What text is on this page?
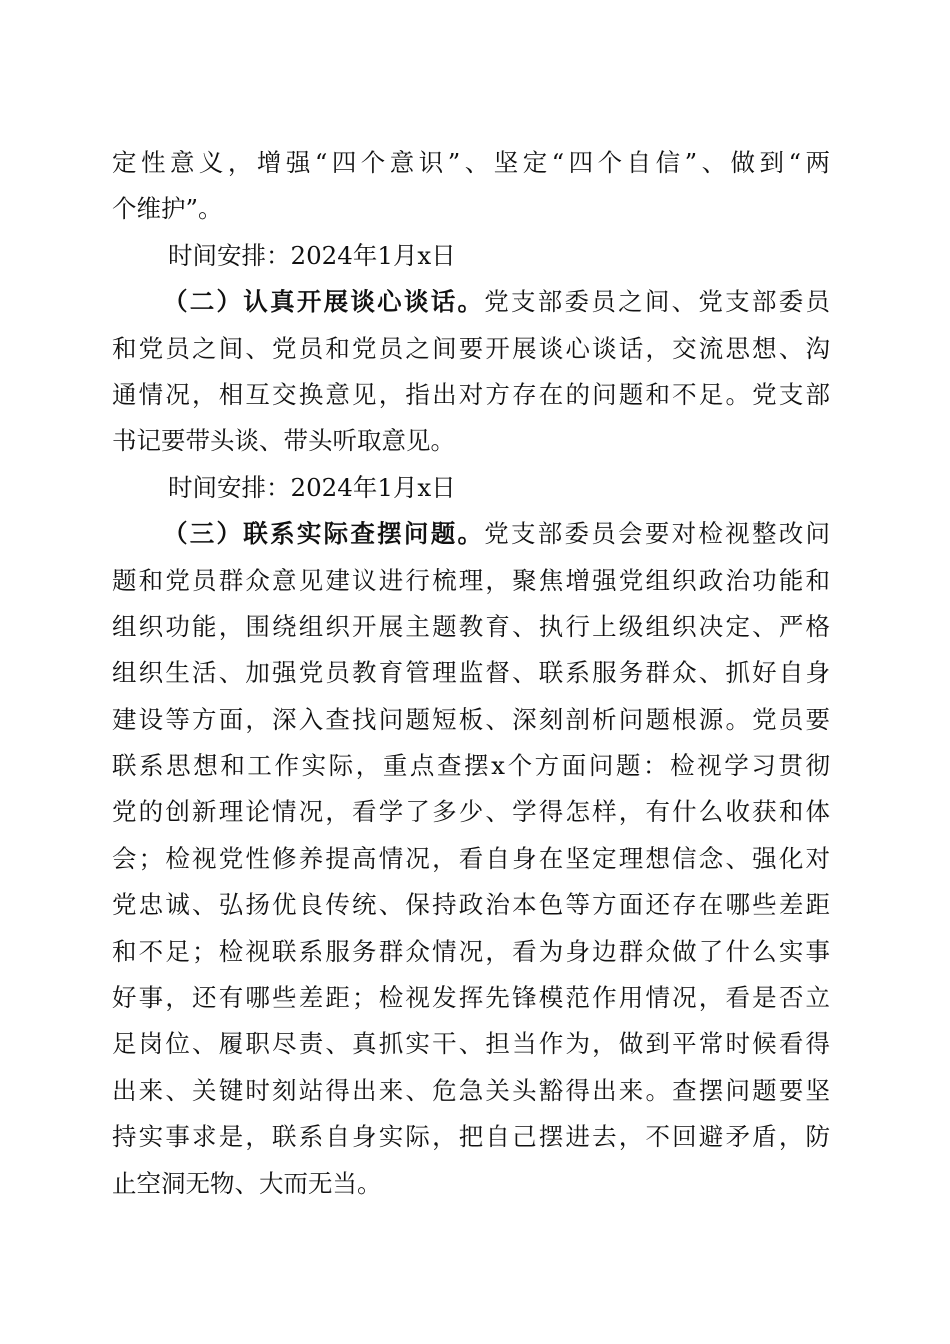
定性意义，增强“四个意识”、坚定“四个自信”、做到“两
个维护”。
时间安排：2024年1月x日
（二）认真开展谈心谈话。党支部委员之间、党支部委员
和党员之间、党员和党员之间要开展谈心谈话，交流思想、沟
通情况，相互交换意见，指出对方存在的问题和不足。党支部
书记要带头谈、带头听取意见。
时间安排：2024年1月x日
（三）联系实际查摆问题。党支部委员会要对检视整改问
题和党员群众意见建议进行梳理，聚焦增强党组织政治功能和
组织功能，围绕组织开展主题教育、执行上级组织决定、严格
组织生活、加强党员教育管理监督、联系服务群众、抓好自身
建设等方面，深入查找问题短板、深刻剖析问题根源。党员要
联系思想和工作实际，重点查摆x个方面问题：检视学习贯彻
党的创新理论情况，看学了多少、学得怎样，有什么收获和体
会；检视党性修养提高情况，看自身在坚定理想信念、强化对
党忠诚、弘扬优良传统、保持政治本色等方面还存在哪些差距
和不足；检视联系服务群众情况，看为身边群众做了什么实事
好事，还有哪些差距；检视发挥先锋模范作用情况，看是否立
足岗位、履职尽责、真抓实干、担当作为，做到平常时候看得
出来、关键时刻站得出来、危急关头豁得出来。查摆问题要坚
持实事求是，联系自身实际，把自己摆进去，不回避矛盾，防
止空洞无物、大而无当。
